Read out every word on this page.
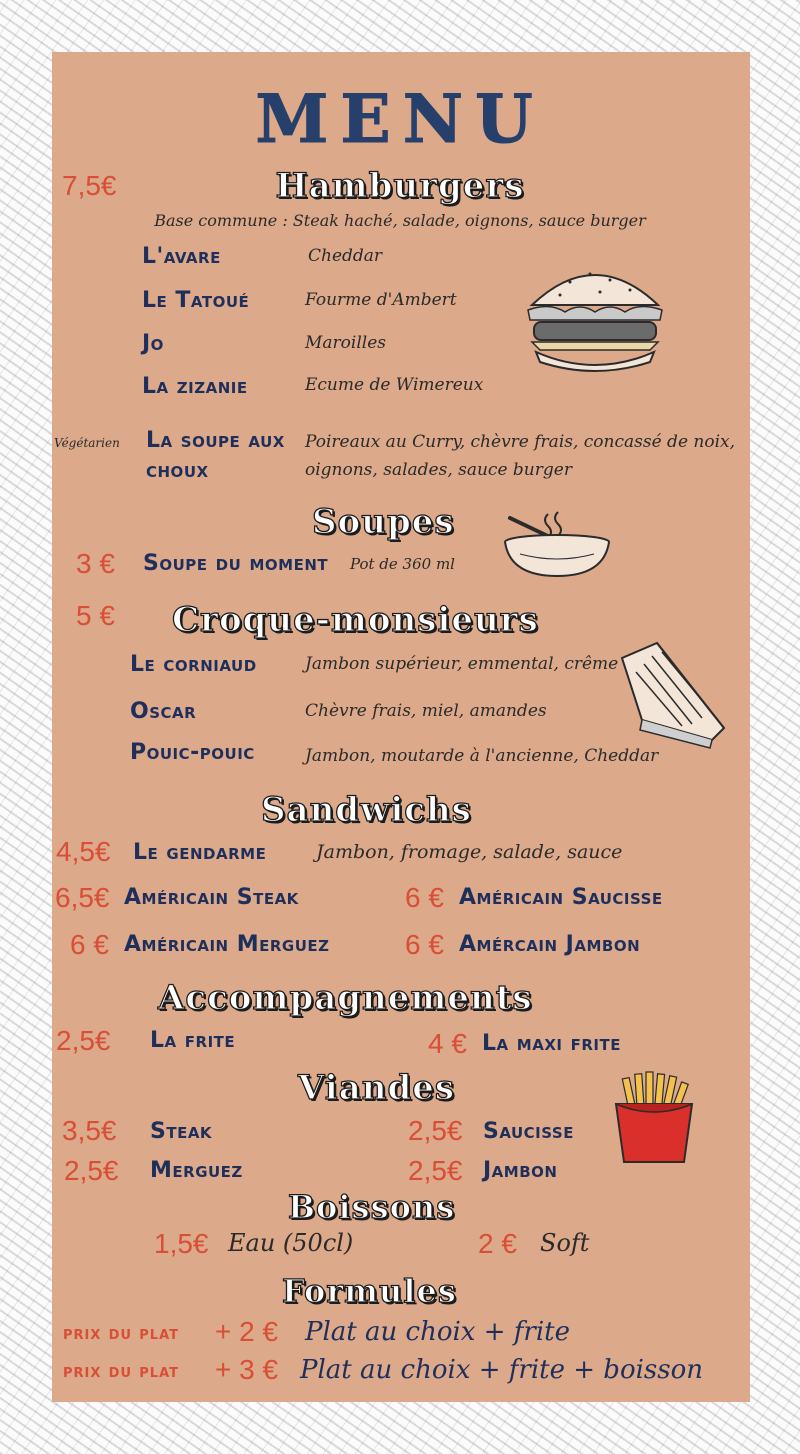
MENU
7,5€	Hamburgers
Base commune : Steak haché, salade, oignons, sauce burger
L'avare	Cheddar
Le Tatoué	Fourme d'Ambert
Jo	Maroilles
La zizanie	Ecume de Wimereux
Végétarien La soupe aux
choux
Poireaux au Curry, chèvre frais, concassé de noix,
oignons, salades, sauce burger
Soupes
3 € Soupe du moment Pot de 360 ml
5 € Croque-monsieurs
Le corniaud	Jambon supérieur, emmental, crême
Oscar	Chèvre frais, miel, amandes
Pouic-pouic	Jambon, moutarde à l'ancienne, Cheddar
Sandwichs
4,5€ Le gendarme	Jambon, fromage, salade, sauce
6,5€ Américain Steak	6 € Américain Saucisse
6 € Américain Merguez	6 € Amércain Jambon
Accompagnements
2,5€ La frite	4 € La maxi frite
Viandes
3,5€ Steak	2,5€ Saucisse
2,5€ Merguez	2,5€ Jambon
Boissons
1,5€ Eau (50cl)	2 € Soft
Formules
prix du plat + 2 € Plat au choix + frite
prix du plat + 3 € Plat au choix + frite + boisson
